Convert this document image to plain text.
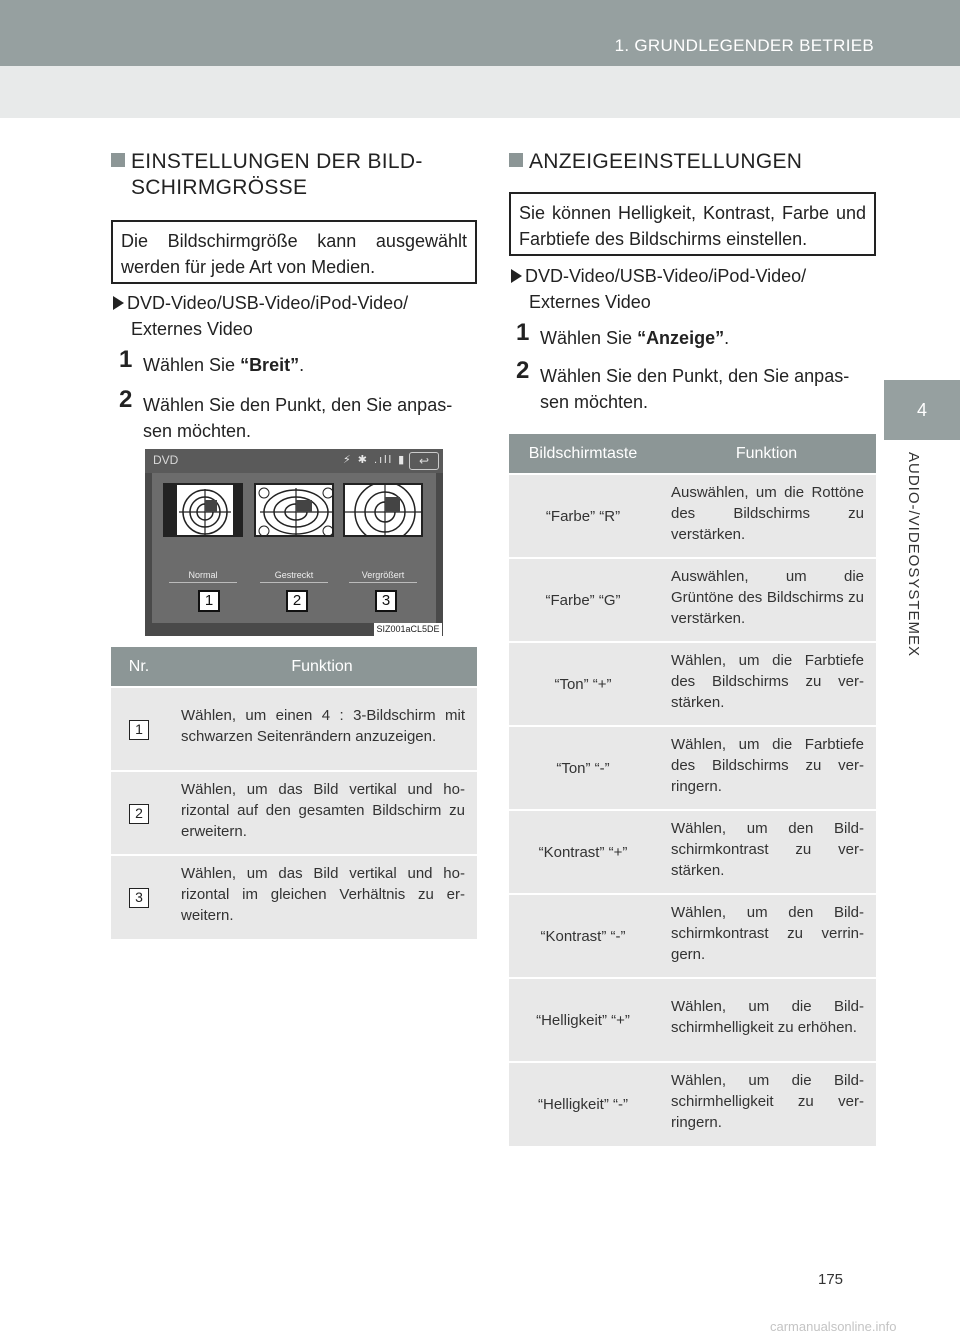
1. GRUNDLEGENDER BETRIEB
4
AUDIO-/VIDEOSYSTEMEX
EINSTELLUNGEN DER BILD-
SCHIRMGRÖSSE
Die Bildschirmgröße kann ausgewählt werden für jede Art von Medien.
DVD-Video/USB-Video/iPod-Video/
Externes Video
1 Wählen Sie “Breit”.
2 Wählen Sie den Punkt, den Sie anpas-
sen möchten.
DVD	⚡ ✱ .ıll ▮	↩
Normal	Gestreckt	Vergrößert
1	2	3
SIZ001aCL5DE
Nr.	Funktion
1	Wählen, um einen 4 : 3-Bildschirm mit schwarzen Seitenrändern anzuzeigen.
2	Wählen, um das Bild vertikal und horizontal auf den gesamten Bildschirm zu erweitern.
3	Wählen, um das Bild vertikal und horizontal im gleichen Verhältnis zu erweitern.
ANZEIGEEINSTELLUNGEN
Sie können Helligkeit, Kontrast, Farbe und Farbtiefe des Bildschirms einstellen.
DVD-Video/USB-Video/iPod-Video/
Externes Video
1 Wählen Sie “Anzeige”.
2 Wählen Sie den Punkt, den Sie anpas-
sen möchten.
Bildschirmtaste	Funktion
“Farbe” “R”	Auswählen, um die Rottöne des Bildschirms zu verstärken.
“Farbe” “G”	Auswählen, um die Grüntöne des Bildschirms zu verstärken.
“Ton” “+”	Wählen, um die Farbtiefe des Bildschirms zu verstärken.
“Ton” “-”	Wählen, um die Farbtiefe des Bildschirms zu verringern.
“Kontrast” “+”	Wählen, um den Bildschirmkontrast zu verstärken.
“Kontrast” “-”	Wählen, um den Bildschirmkontrast zu verringern.
“Helligkeit” “+”	Wählen, um die Bildschirmhelligkeit zu erhöhen.
“Helligkeit” “-”	Wählen, um die Bildschirmhelligkeit zu verringern.
175
carmanualsonline.info
